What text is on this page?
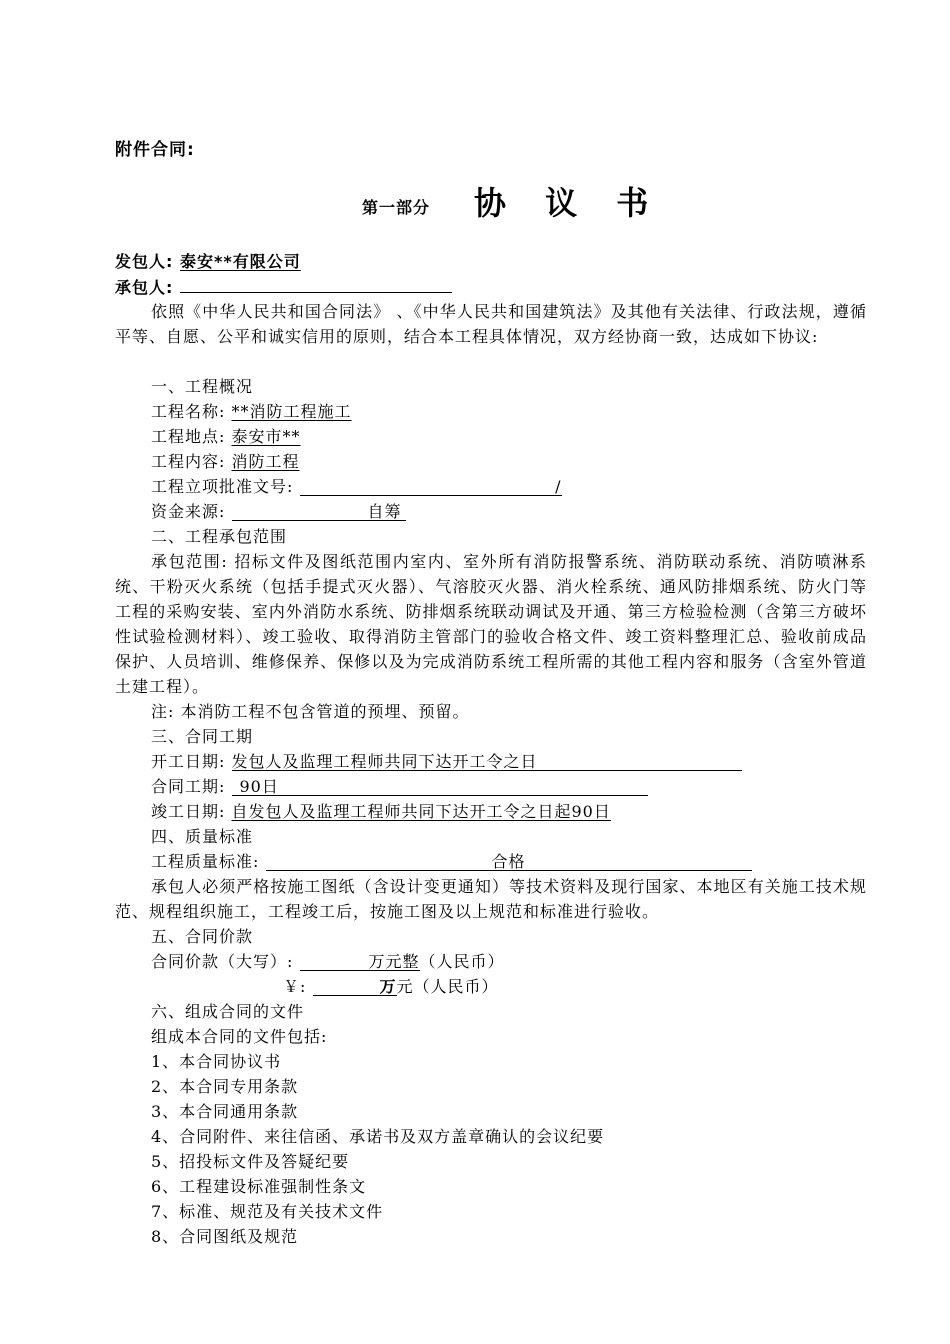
附件合同:
第一部分 协 议 书
发包人: 泰安**有限公司
承包人:
依照《中华人民共和国合同法》 、《中华人民共和国建筑法》及其他有关法律、行政法规，遵循平等、自愿、公平和诚实信用的原则，结合本工程具体情况，双方经协商一致，达成如下协议:
一、工程概况
工程名称: **消防工程施工
工程地点: 泰安市**
工程内容: 消防工程
工程立项批准文号:	/
资金来源:	自筹
二、工程承包范围
承包范围: 招标文件及图纸范围内室内、室外所有消防报警系统、消防联动系统、消防喷淋系统、干粉灭火系统（包括手提式灭火器）、气溶胶灭火器、消火栓系统、通风防排烟系统、防火门等工程的采购安装、室内外消防水系统、防排烟系统联动调试及开通、第三方检验检测（含第三方破坏性试验检测材料）、竣工验收、取得消防主管部门的验收合格文件、竣工资料整理汇总、验收前成品保护、人员培训、维修保养、保修以及为完成消防系统工程所需的其他工程内容和服务（含室外管道土建工程）。
注: 本消防工程不包含管道的预埋、预留。
三、合同工期
开工日期: 发包人及监理工程师共同下达开工令之日
合同工期: 90日
竣工日期: 自发包人及监理工程师共同下达开工令之日起90日
四、质量标准
工程质量标准:	合格
承包人必须严格按施工图纸（含设计变更通知）等技术资料及现行国家、本地区有关施工技术规范、规程组织施工，工程竣工后，按施工图及以上规范和标准进行验收。
五、合同价款
合同价款（大写）:	万元整（人民币）
￥:	万元（人民币）
六、组成合同的文件
组成本合同的文件包括:
1、本合同协议书
2、本合同专用条款
3、本合同通用条款
4、合同附件、来往信函、承诺书及双方盖章确认的会议纪要
5、招投标文件及答疑纪要
6、工程建设标准强制性条文
7、标准、规范及有关技术文件
8、合同图纸及规范
